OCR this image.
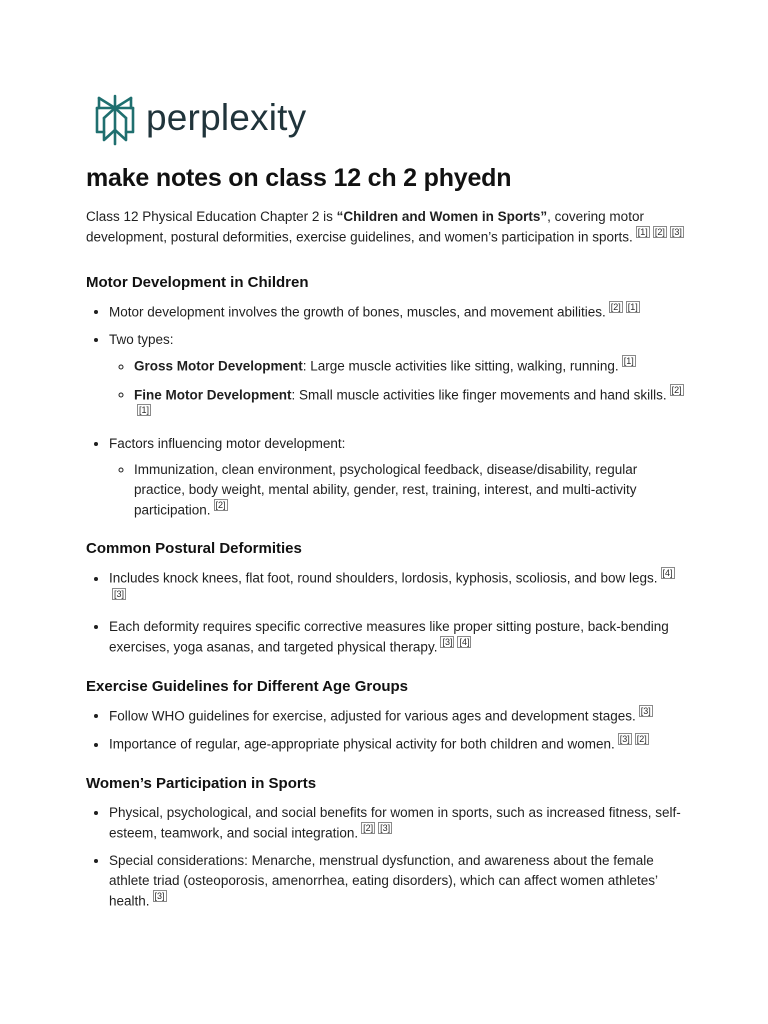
perplexity
make notes on class 12 ch 2 phyedn

Class 12 Physical Education Chapter 2 is “Children and Women in Sports”, covering motor development, postural deformities, exercise guidelines, and women’s participation in sports. [1] [2] [3]

Motor Development in Children
• Motor development involves the growth of bones, muscles, and movement abilities. [2] [1]
• Two types:
◦ Gross Motor Development: Large muscle activities like sitting, walking, running. [1]
◦ Fine Motor Development: Small muscle activities like finger movements and hand skills. [2][1]
• Factors influencing motor development:
◦ Immunization, clean environment, psychological feedback, disease/disability, regular practice, body weight, mental ability, gender, rest, training, interest, and multi-activity participation. [2]
Common Postural Deformities
• Includes knock knees, flat foot, round shoulders, lordosis, kyphosis, scoliosis, and bow legs. [4][3]
• Each deformity requires specific corrective measures like proper sitting posture, back-bending exercises, yoga asanas, and targeted physical therapy. [3] [4]
Exercise Guidelines for Different Age Groups
• Follow WHO guidelines for exercise, adjusted for various ages and development stages. [3]
• Importance of regular, age-appropriate physical activity for both children and women. [3] [2]
Women’s Participation in Sports
• Physical, psychological, and social benefits for women in sports, such as increased fitness, self-esteem, teamwork, and social integration. [2] [3]
• Special considerations: Menarche, menstrual dysfunction, and awareness about the female athlete triad (osteoporosis, amenorrhea, eating disorders), which can affect women athletes’ health. [3]
